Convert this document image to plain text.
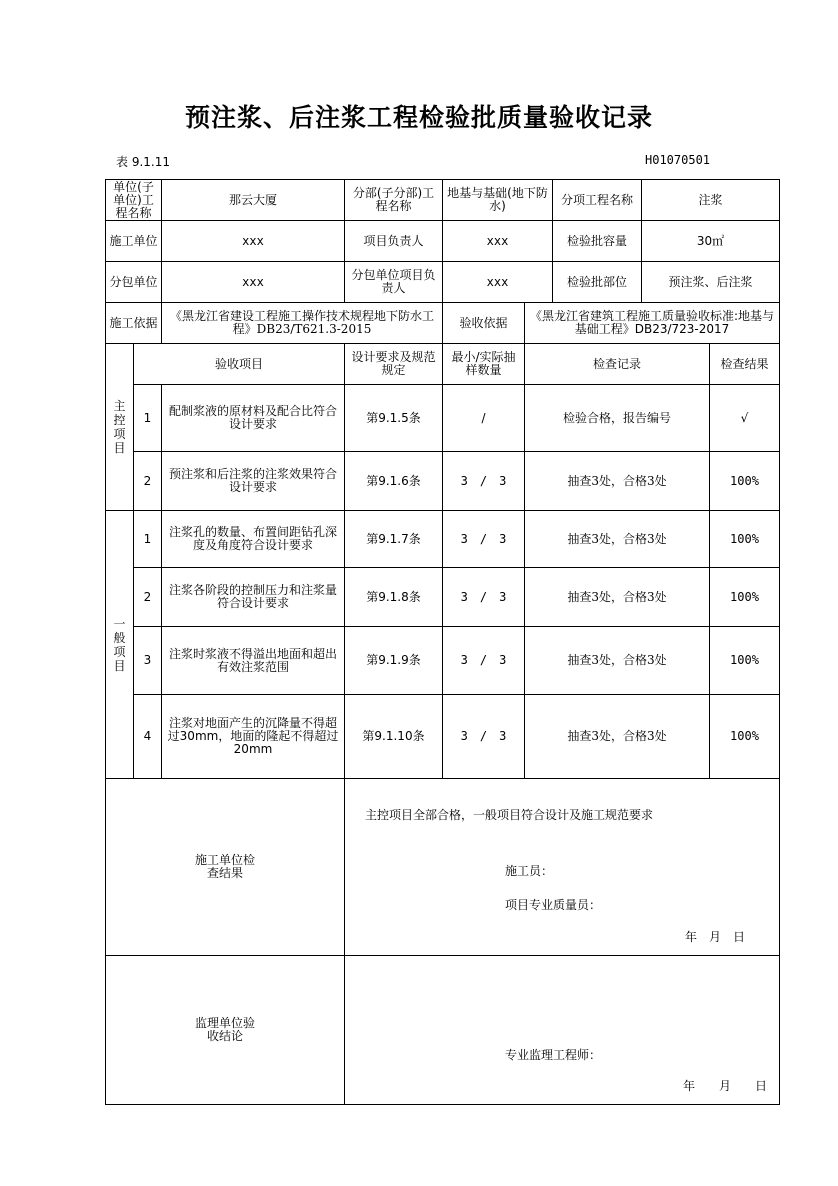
预注浆、后注浆工程检验批质量验收记录
表 9.1.11	H01070501
单位(子单位)工程名称		那云大厦	分部(子分部)工程名称	地基与基础(地下防水)		分项工程名称	注浆	
施工单位		xxx	项目负责人	xxx		检验批容量	30㎡	
分包单位		xxx	分包单位项目负责人	xxx		检验批部位	预注浆、后注浆	
施工依据		《黑龙江省建设工程施工操作技术规程地下防水工程》DB23/T621.3-2015		验收依据	《黑龙江省建筑工程施工质量验收标准:地基与基础工程》DB23/723-2017			
主控项目	验收项目		设计要求及规范规定	最小/实际抽样数量	检查记录			检查结果
	1	配制浆液的原材料及配合比符合设计要求	第9.1.5条	/	检验合格，报告编号			√
	2	预注浆和后注浆的注浆效果符合设计要求	第9.1.6条	3　/　3	抽查3处，合格3处			100%
一般项目	1	注浆孔的数量、布置间距钻孔深度及角度符合设计要求	第9.1.7条	3　/　3	抽查3处，合格3处			100%
	2	注浆各阶段的控制压力和注浆量符合设计要求	第9.1.8条	3　/　3	抽查3处，合格3处			100%
	3	注浆时浆液不得溢出地面和超出有效注浆范围	第9.1.9条	3　/　3	抽查3处，合格3处			100%
	4	注浆对地面产生的沉降量不得超过30mm，地面的隆起不得超过20mm	第9.1.10条	3　/　3	抽查3处，合格3处			100%

施工单位检查结果			主控项目全部合格，一般项目符合设计及施工规范要求
施工员：
项目专业质量员：
年　月　日					

监理单位验收结论			专业监理工程师：
年　　月　　日					
